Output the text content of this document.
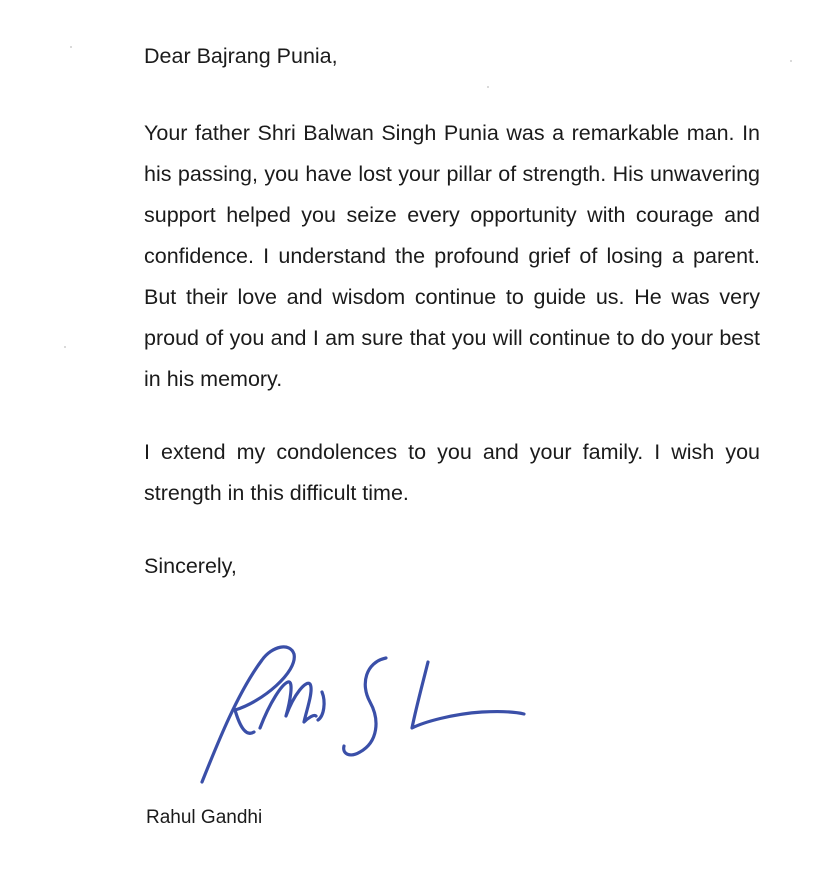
Dear Bajrang Punia,

Your father Shri Balwan Singh Punia was a remarkable man. In his passing, you have lost your pillar of strength. His unwavering support helped you seize every opportunity with courage and confidence. I understand the profound grief of losing a parent. But their love and wisdom continue to guide us. He was very proud of you and I am sure that you will continue to do your best in his memory.

I extend my condolences to you and your family. I wish you strength in this difficult time.

Sincerely,

Rahul Gandhi
